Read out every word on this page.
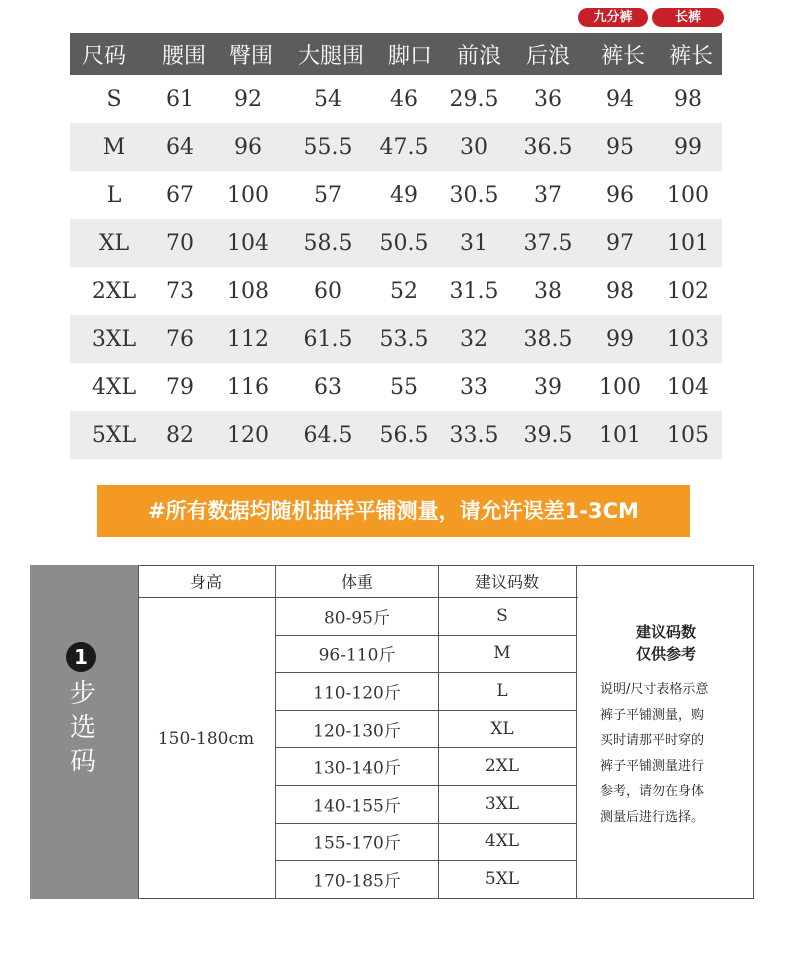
九分裤	长裤
尺码 腰围 臀围 大腿围 脚口 前浪 后浪 裤长 裤长
S 61 92 54 46 29.5 36 94 98
M 64 96 55.5 47.5 30 36.5 95 99
L 67 100 57 49 30.5 37 96 100
XL 70 104 58.5 50.5 31 37.5 97 101
2XL 73 108 60 52 31.5 38 98 102
3XL 76 112 61.5 53.5 32 38.5 99 103
4XL 79 116 63 55 33 39 100 104
5XL 82 120 64.5 56.5 33.5 39.5 101 105
#所有数据均随机抽样平铺测量，请允许误差1-3CM
1
步选码
身高	体重	建议码数
150-180cm
80-95斤	S
96-110斤	M
110-120斤	L
120-130斤	XL
130-140斤	2XL
140-155斤	3XL
155-170斤	4XL
170-185斤	5XL
建议码数
仅供参考
说明/尺寸表格示意
裤子平铺测量，购
买时请那平时穿的
裤子平铺测量进行
参考，请勿在身体
测量后进行选择。
